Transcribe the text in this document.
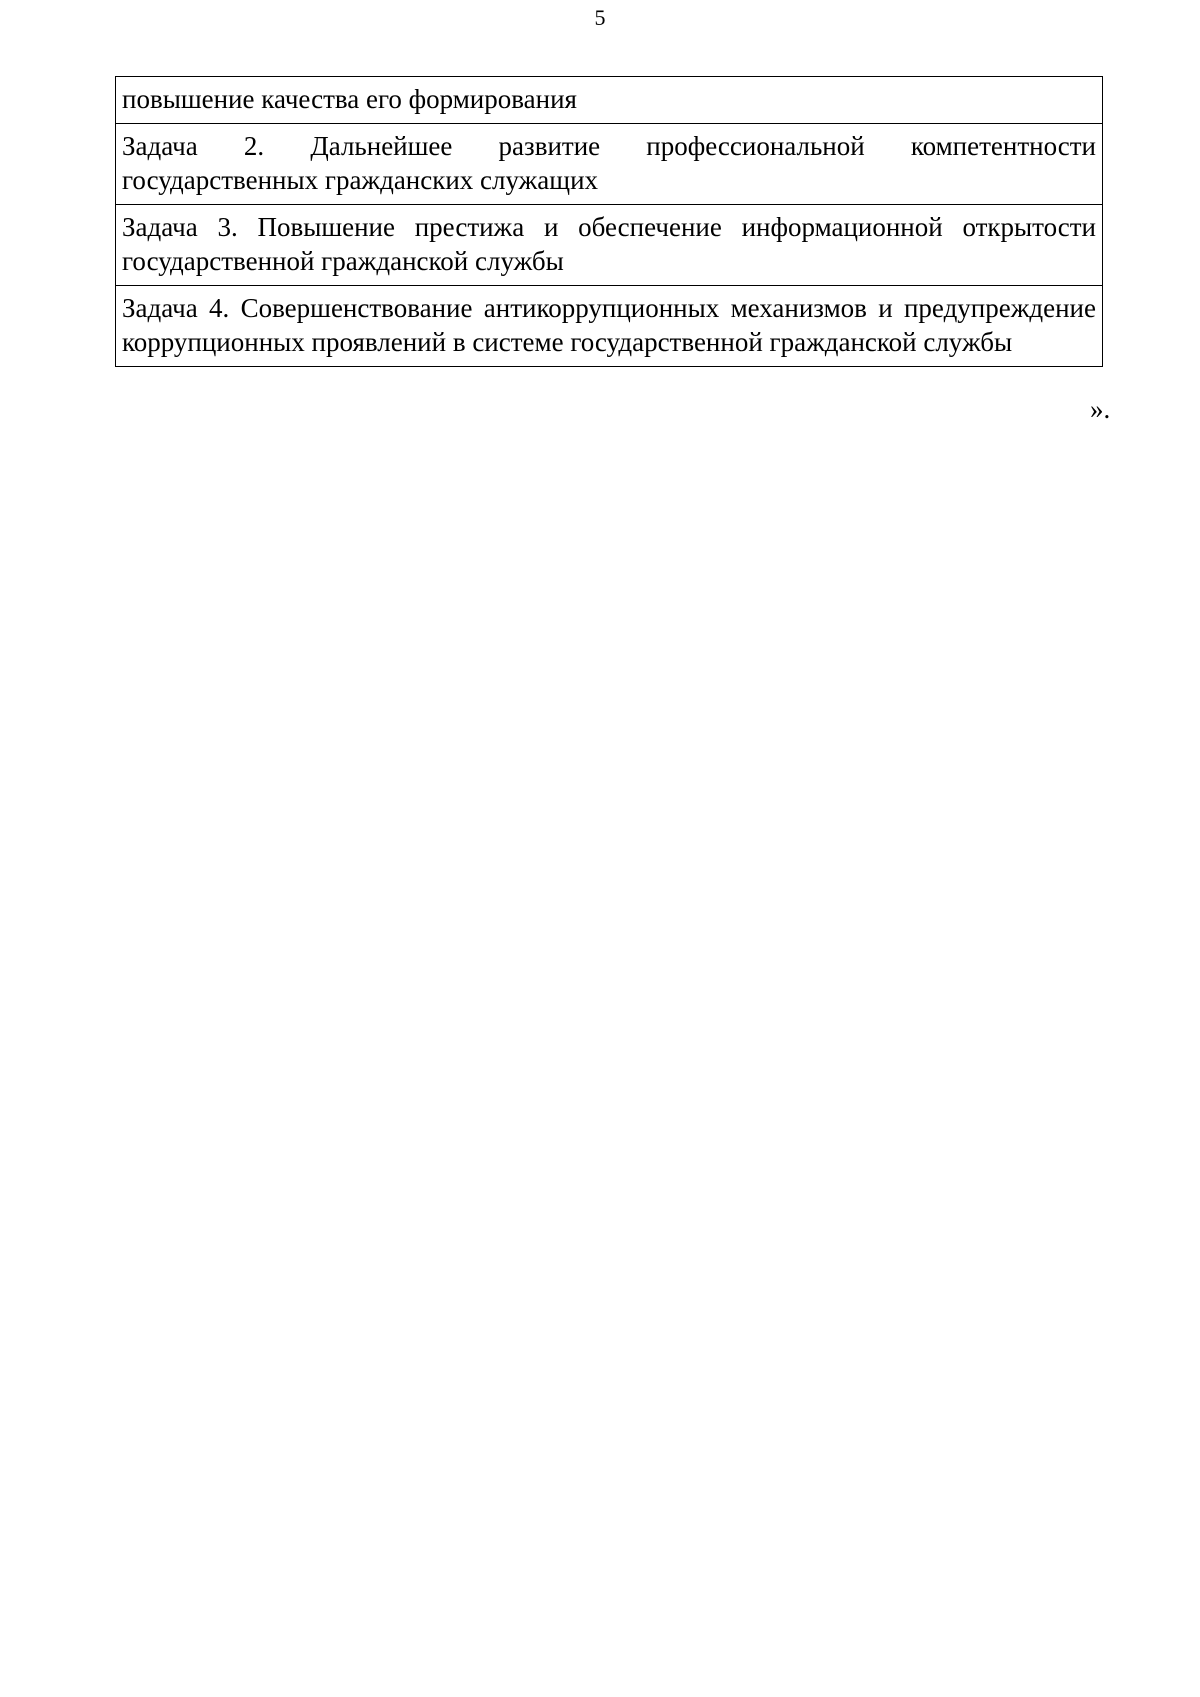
5
повышение качества его формирования
Задача 2. Дальнейшее развитие профессиональной компетентности государственных гражданских служащих
Задача 3. Повышение престижа и обеспечение информационной открытости государственной гражданской службы
Задача 4. Совершенствование антикоррупционных механизмов и предупреждение коррупционных проявлений в системе государственной гражданской службы
».
